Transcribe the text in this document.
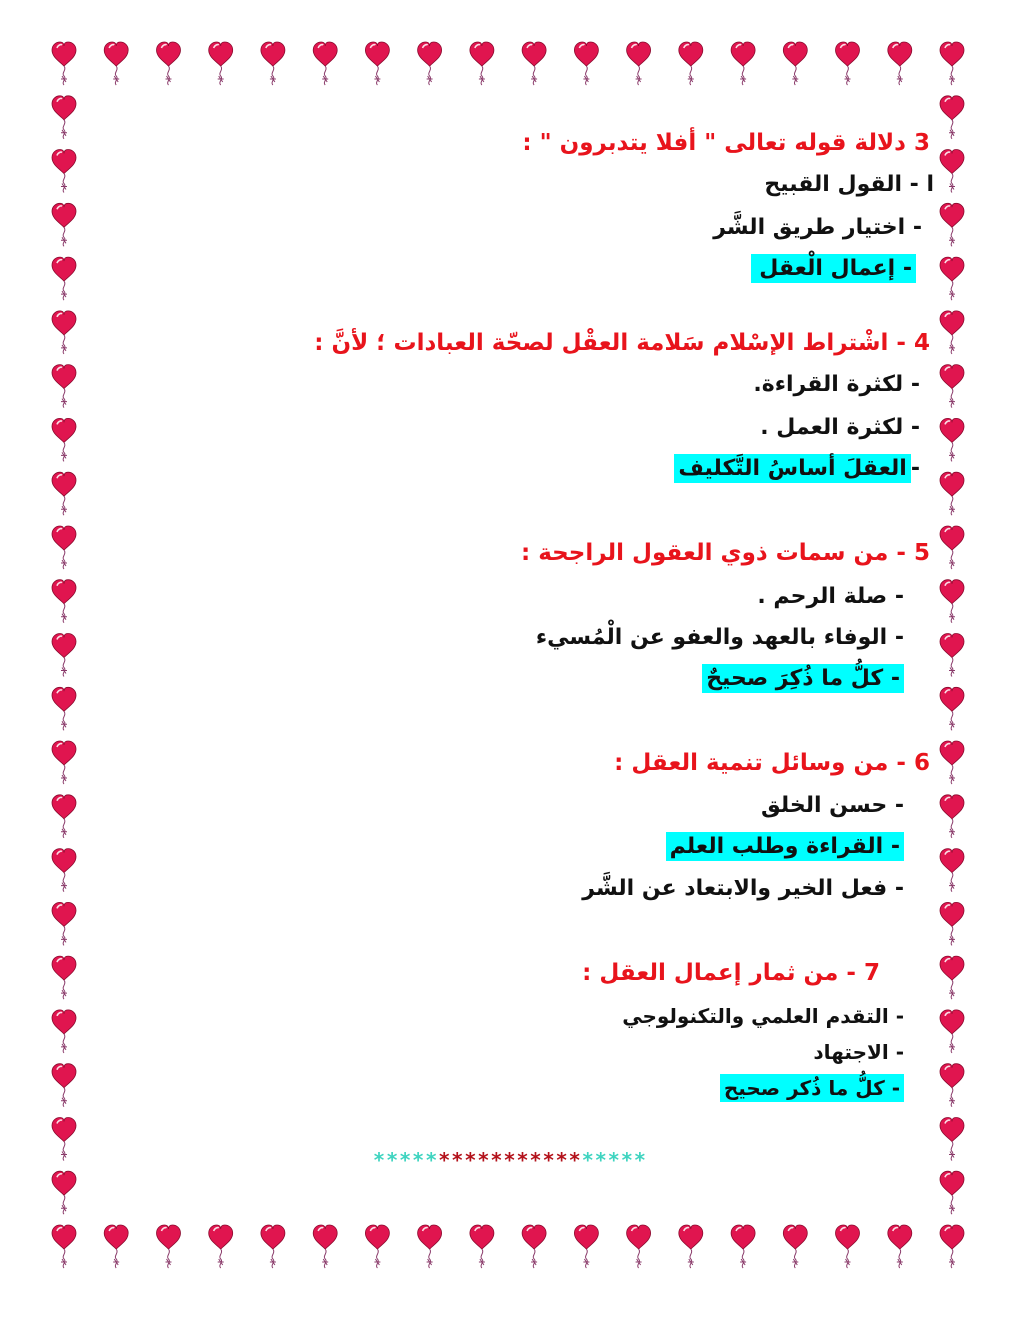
3 دلالة قوله تعالى " أفلا يتدبرون " :
ا - القول القبيح
- اختيار طريق الشَّر
- إعمال الْعقل
4 - اشْتراط الإسْلام سَلامة العقْل لصحّة العبادات ؛ لأنَّ :
- لكثرة القراءة.
- لكثرة العمل .
-العقلَ أساسُ التَّكليف
5 - من سمات ذوي العقول الراجحة :
- صلة الرحم .
- الوفاء بالعهد والعفو عن الْمُسيء
- كلُّ ما ذُكِرَ صحيحٌ
6 - من وسائل تنمية العقل :
- حسن الخلق
- القراءة وطلب العلم
- فعل الخير والابتعاد عن الشَّر
7 - من ثمار إعمال العقل :
- التقدم العلمي والتكنولوجي
- الاجتهاد
- كلُّ ما ذُكر صحيح
*********************
